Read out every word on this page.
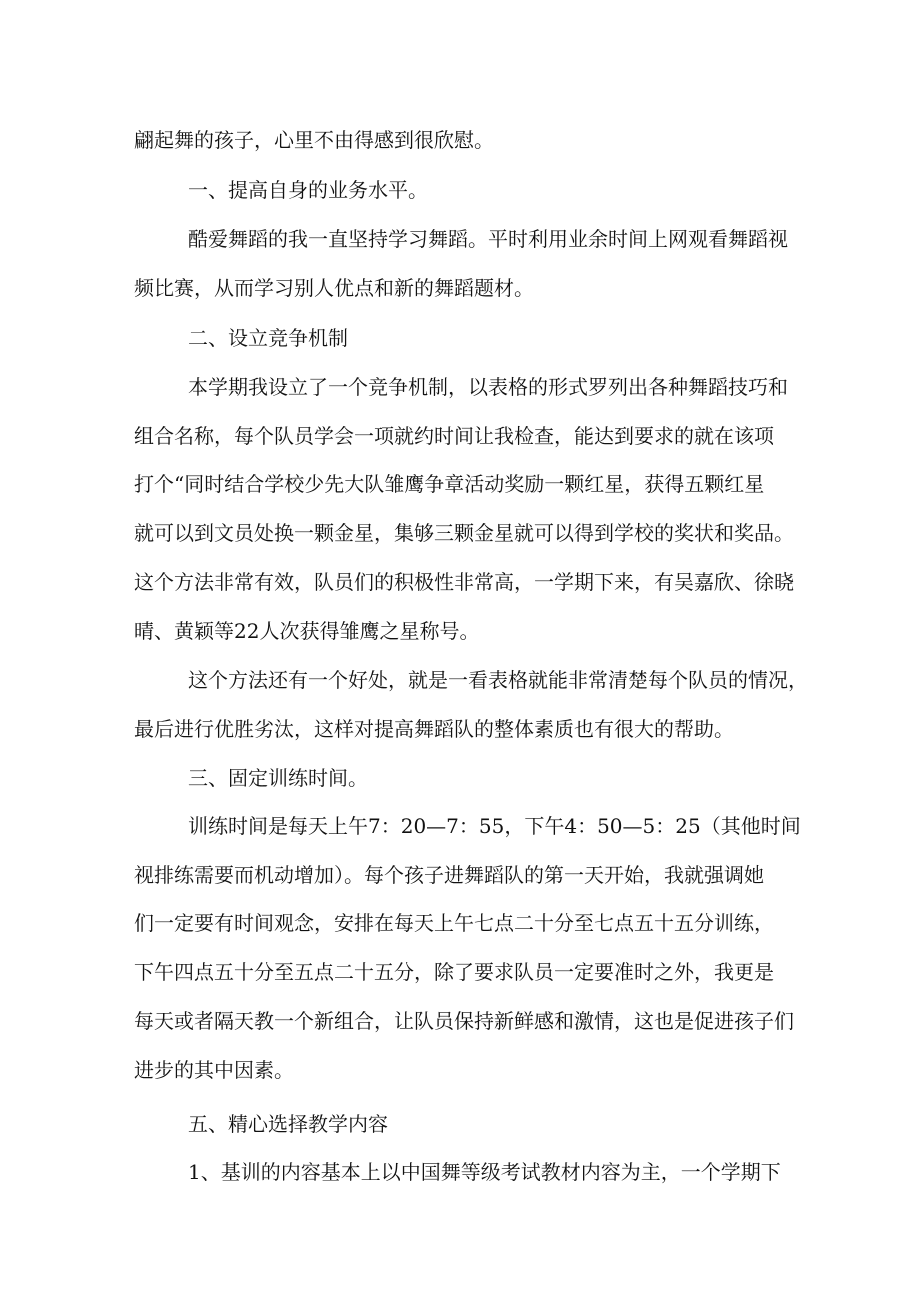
翩起舞的孩子，心里不由得感到很欣慰。

一、提高自身的业务水平。

酷爱舞蹈的我一直坚持学习舞蹈。平时利用业余时间上网观看舞蹈视

频比赛，从而学习别人优点和新的舞蹈题材。

二、设立竞争机制

本学期我设立了一个竞争机制，以表格的形式罗列出各种舞蹈技巧和

组合名称，每个队员学会一项就约时间让我检查，能达到要求的就在该项

打个“同时结合学校少先大队雏鹰争章活动奖励一颗红星，获得五颗红星

就可以到文员处换一颗金星，集够三颗金星就可以得到学校的奖状和奖品。

这个方法非常有效，队员们的积极性非常高，一学期下来，有吴嘉欣、徐晓

晴、黄颖等22人次获得雏鹰之星称号。

这个方法还有一个好处，就是一看表格就能非常清楚每个队员的情况，

最后进行优胜劣汰，这样对提高舞蹈队的整体素质也有很大的帮助。

三、固定训练时间。

训练时间是每天上午7：20—7：55，下午4：50—5：25（其他时间

视排练需要而机动增加）。每个孩子进舞蹈队的第一天开始，我就强调她

们一定要有时间观念，安排在每天上午七点二十分至七点五十五分训练，

下午四点五十分至五点二十五分，除了要求队员一定要准时之外，我更是

每天或者隔天教一个新组合，让队员保持新鲜感和激情，这也是促进孩子们

进步的其中因素。

五、精心选择教学内容

1、基训的内容基本上以中国舞等级考试教材内容为主，一个学期下
